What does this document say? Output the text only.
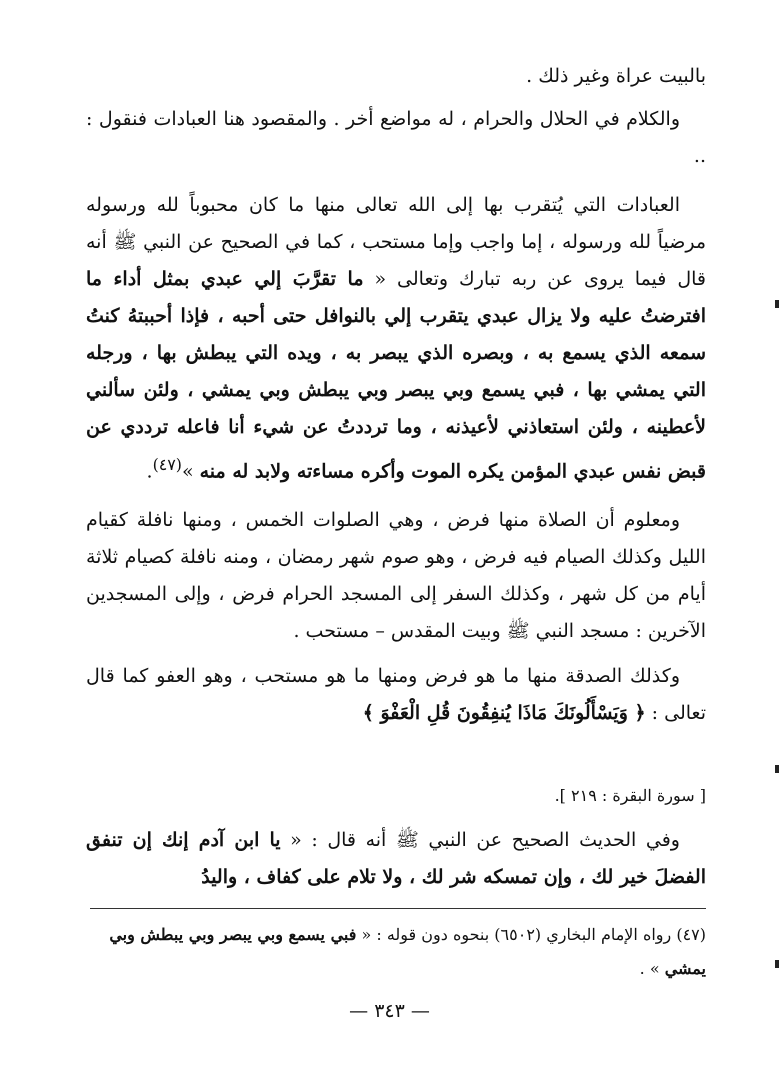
بالبيت عراة وغير ذلك .

والكلام في الحلال والحرام ، له مواضع أخر . والمقصود هنا العبادات فنقول : ..

العبادات التي يُتقرب بها إلى الله تعالى منها ما كان محبوباً لله ورسوله مرضياً لله ورسوله ، إما واجب وإما مستحب ، كما في الصحيح عن النبي ﷺ أنه قال فيما يروى عن ربه تبارك وتعالى « ما تقرَّبَ إلي عبدي بمثل أداء ما افترضتُ عليه ولا يزال عبدي يتقرب إلي بالنوافل حتى أحبه ، فإذا أحببتهُ كنتُ سمعه الذي يسمع به ، وبصره الذي يبصر به ، ويده التي يبطش بها ، ورجله التي يمشي بها ، فبي يسمع وبي يبصر وبي يبطش وبي يمشي ، ولئن سألني لأعطينه ، ولئن استعاذني لأعيذنه ، وما ترددتُ عن شيء أنا فاعله ترددي عن قبض نفس عبدي المؤمن يكره الموت وأكره مساءته ولابد له منه »$^{(٤٧)}$.

ومعلوم أن الصلاة منها فرض ، وهي الصلوات الخمس ، ومنها نافلة كقيام الليل وكذلك الصيام فيه فرض ، وهو صوم شهر رمضان ، ومنه نافلة كصيام ثلاثة أيام من كل شهر ، وكذلك السفر إلى المسجد الحرام فرض ، وإلى المسجدين الآخرين : مسجد النبي ﷺ وبيت المقدس – مستحب .

وكذلك الصدقة منها ما هو فرض ومنها ما هو مستحب ، وهو العفو كما قال تعالى : ﴿ وَيَسْأَلُونَكَ مَاذَا يُنفِقُونَ قُلِ الْعَفْوَ ﴾

[ سورة البقرة : ٢١٩ ].

وفي الحديث الصحيح عن النبي ﷺ أنه قال : « يا ابن آدم إنك إن تنفق الفضلَ خير لك ، وإن تمسكه شر لك ، ولا تلام على كفاف ، واليدُ

(٤٧) رواه الإمام البخاري (٦٥٠٢) بنحوه دون قوله : « فبي يسمع وبي يبصر وبي يبطش وبي يمشي » .
— ٣٤٣ —
